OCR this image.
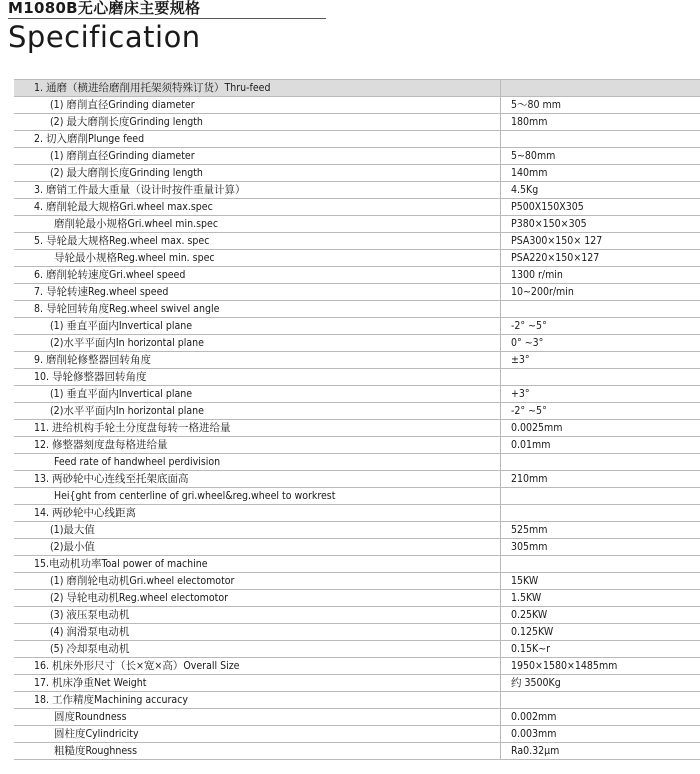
M1080B无心磨床主要规格
Specification
1. 通磨（横进给磨削用托架须特殊订货）Thru-feed	
(1) 磨削直径Grinding diameter	5～80 mm
(2) 最大磨削长度Grinding length	180mm
2. 切入磨削Plunge feed	
(1) 磨削直径Grinding diameter	5~80mm
(2) 最大磨削长度Grinding length	140mm
3. 磨销工件最大重量（设计时按件重量计算）	4.5Kg
4. 磨削轮最大规格Gri.wheel max.spec	P500X150X305
磨削轮最小规格Gri.wheel min.spec	P380×150×305
5. 导轮最大规格Reg.wheel max. spec	PSA300×150× 127
导轮最小规格Reg.wheel min. spec	PSA220×150×127
6. 磨削轮转速度Gri.wheel speed	1300 r/min
7. 导轮转速Reg.wheel speed	10~200r/min
8. 导轮回转角度Reg.wheel swivel angle	
(1) 垂直平面内Invertical plane	-2° ~5°
(2)水平平面内In horizontal plane	0° ~3°
9. 磨削轮修整器回转角度	±3°
10. 导轮修整器回转角度	
(1) 垂直平面内Invertical plane	+3°
(2)水平平面内In horizontal plane	-2° ~5°
11. 进给机构手轮土分度盘每转一格进给量	0.0025mm
12. 修整器刻度盘每格进给量	0.01mm
Feed rate of handwheel perdivision	
13. 两砂轮中心连线至托架底面高	210mm
Hei{ght from centerline of gri.wheel&reg.wheel to workrest	
14. 两砂轮中心线距离	
(1)最大值	525mm
(2)最小值	305mm
15.电动机功率Toal power of machine	
(1) 磨削轮电动机Gri.wheel electomotor	15KW
(2) 导轮电动机Reg.wheel electomotor	1.5KW
(3) 液压泵电动机	0.25KW
(4) 润滑泵电动机	0.125KW
(5) 冷却泵电动机	0.15K~r
16. 机床外形尺寸（长×宽×高）Overall Size	1950×1580×1485mm
17. 机床净重Net Weight	约 3500Kg
18. 工作精度Machining accuracy	
圆度Roundness	0.002mm
圆柱度Cylindricity	0.003mm
粗糙度Roughness	Ra0.32μm
